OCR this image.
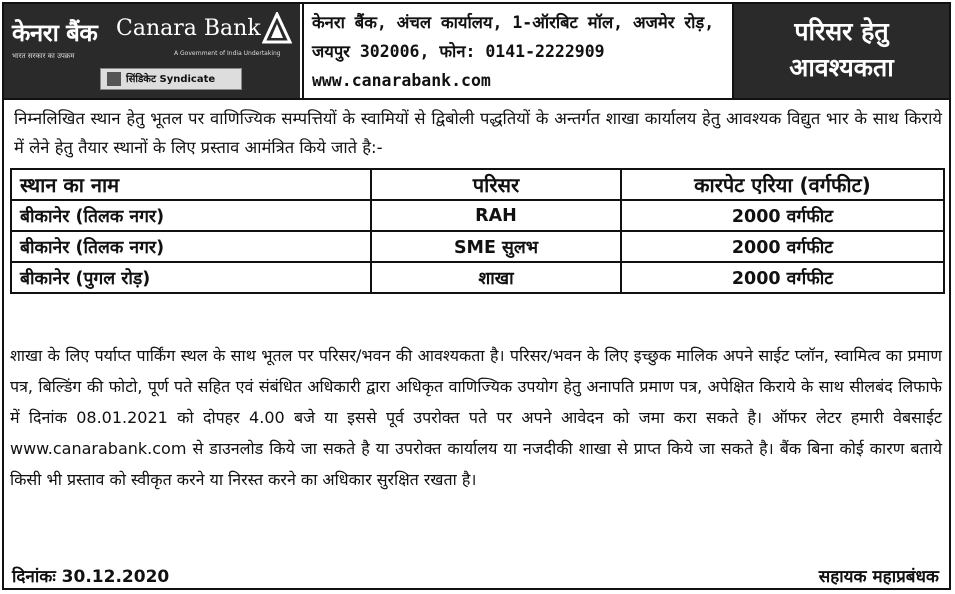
केनरा बैंक Canara Bank
भारत सरकार का उपक्रम	A Government of India Undertaking
सिंडिकेट Syndicate
केनरा बैंक, अंचल कार्यालय, 1-ऑरबिट मॉल, अजमेर रोड़, जयपुर 302006, फोन: 0141-2222909 www.canarabank.com
परिसर हेतु
आवश्यकता
निम्नलिखित स्थान हेतु भूतल पर वाणिज्यिक सम्पत्तियों के स्वामियों से द्विबोली पद्धतियों के अन्तर्गत शाखा कार्यालय हेतु आवश्यक विद्युत भार के साथ किराये में लेने हेतु तैयार स्थानों के लिए प्रस्ताव आमंत्रित किये जाते है:-
स्थान का नाम	परिसर	कारपेट एरिया (वर्गफीट)
बीकानेर (तिलक नगर)	RAH	2000 वर्गफीट
बीकानेर (तिलक नगर)	SME सुलभ	2000 वर्गफीट
बीकानेर (पुगल रोड़)	शाखा	2000 वर्गफीट
शाखा के लिए पर्याप्त पार्किंग स्थल के साथ भूतल पर परिसर/भवन की आवश्यकता है। परिसर/भवन के लिए इच्छुक मालिक अपने साईट प्लॉन, स्वामित्व का प्रमाण पत्र, बिल्डिंग की फोटो, पूर्ण पते सहित एवं संबंधित अधिकारी द्वारा अधिकृत वाणिज्यिक उपयोग हेतु अनापति प्रमाण पत्र, अपेक्षित किराये के साथ सीलबंद लिफाफे में दिनांक 08.01.2021 को दोपहर 4.00 बजे या इससे पूर्व उपरोक्त पते पर अपने आवेदन को जमा करा सकते है। ऑफर लेटर हमारी वेबसाईट www.canarabank.com से डाउनलोड किये जा सकते है या उपरोक्त कार्यालय या नजदीकी शाखा से प्राप्त किये जा सकते है। बैंक बिना कोई कारण बताये किसी भी प्रस्ताव को स्वीकृत करने या निरस्त करने का अधिकार सुरक्षित रखता है।
दिनांकः 30.12.2020	सहायक महाप्रबंधक
